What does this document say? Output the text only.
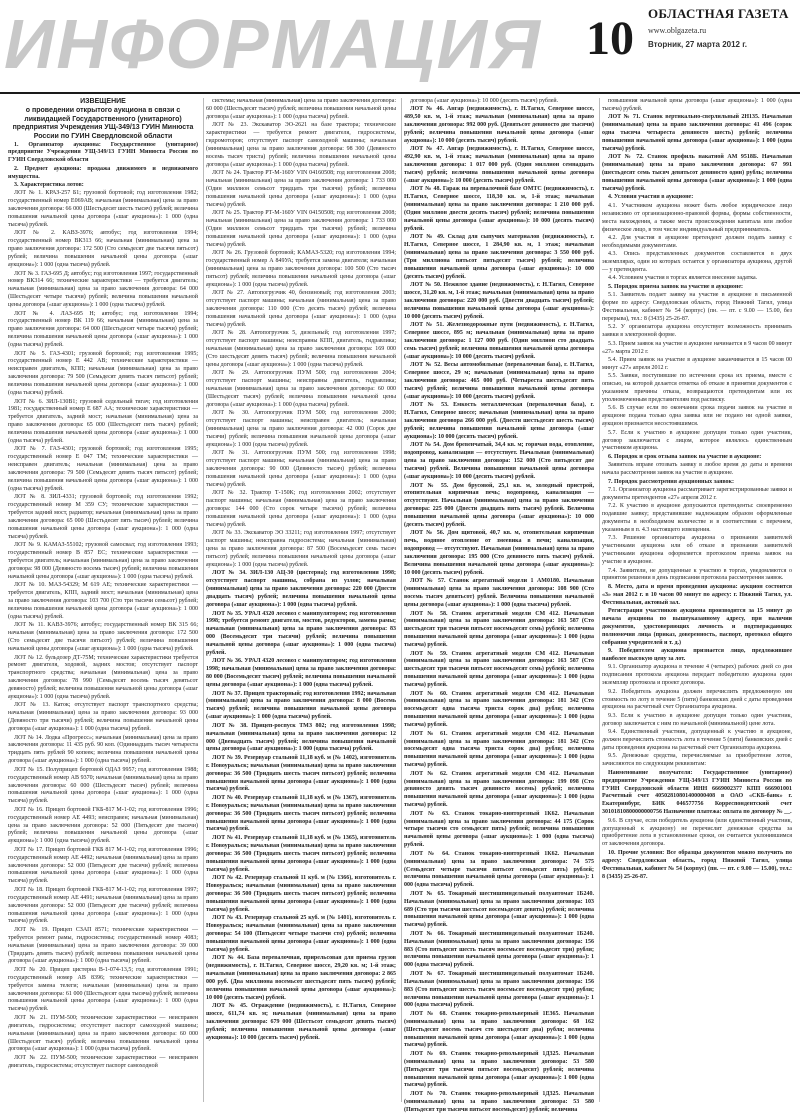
ИНФОРМАЦИЯ 10 ОБЛАСТНАЯ ГАЗЕТА
www.oblgazeta.ru
Вторник, 27 марта 2012 г.

ИЗВЕЩЕНИЕ

о проведении открытого аукциона в связи с ликвидацией Государственного (унитарного) предприятия Учреждения УЩ-349/13 ГУИН Минюста России по ГУИН Свердловской области

1. Организатор аукциона: Государственное (унитарное) предприятие Учреждения УЩ-349/13 ГУИН Минюста России по ГУИН Свердловской области

2. Предмет аукциона: продажа движимого и недвижимого имущества.

3. Характеристика лотов:

ЛОТ № 1. КРАЗ-257 Б1; грузовой бортовой; год изготовления 1982; государственный номер Е069АВ; начальная (минимальная) цена за право заключения договора: 66 000 (Шестьдесят шесть тысяч) рублей; величина повышения начальной цены договора («шаг аукциона»): 1 000 (одна тысяча) рублей.

ЛОТ № 2. КАВЗ-3976; автобус; год изготовления 1994; государственный номер ВК313 66; начальная (минимальная) цена за право заключения договора: 172 500 (Сто семьдесят две тысячи пятьсот) рублей; величина повышения начальной цены договора («шаг аукциона»): 1 000 (одна тысяча) рублей.

ЛОТ № 3. ГАЗ-695 Д; автобус; год изготовления 1997; государственный номер ВК314 66; технические характеристики — требуется двигатель; начальная (минимальная) цена за право заключения договора: 64 000 (Шестьдесят четыре тысячи) рублей; величина повышения начальной цены договора («шаг аукциона»): 1 000 (одна тысяча) рублей.

ЛОТ № 4. ЛАЗ-695 Н; автобус; год изготовления 1994; государственный номер ВК 119 66; начальная (минимальная) цена за право заключения договора: 64 000 (Шестьдесят четыре тысячи) рублей; величина повышения начальной цены договора («шаг аукциона»): 1 000 (одна тысяча) рублей.

ЛОТ № 5. ГАЗ-4301; грузовой бортовой; год изготовления 1995; государственный номер Е 442 АВ; технические характеристики — неисправен двигатель, КПП; начальная (минимальная) цена за право заключения договора: 79 500 (Семьдесят девять тысяч пятьсот) рублей; величина повышения начальной цены договора («шаг аукциона»): 1 000 (одна тысяча) рублей.

ЛОТ № 6. ЗИЛ-130В1; грузовой седельный тягач; год изготовления 1981; государственный номер Е 687 АА; технические характеристики — требуется двигатель, задний мост; начальная (минимальная) цена за право заключения договора: 65 000 (Шестьдесят пять тысяч) рублей; величина повышения начальной цены договора («шаг аукциона»): 1 000 (одна тысяча) рублей.

ЛОТ № 7. ГАЗ-4301; грузовой бортовой; год изготовления 1995; государственный номер Е 047 ТМ; технические характеристики — неисправен двигатель; начальная (минимальная) цена за право заключения договора: 79 500 (Семьдесят девять тысяч пятьсот) рублей; величина повышения начальной цены договора («шаг аукциона»): 1 000 (одна тысяча) рублей.

ЛОТ № 8. ЗИЛ-4331; грузовой бортовой; год изготовления 1992; государственный номер М 359 СУ; технические характеристики — требуется задний мост, радиатор; начальная (минимальная) цена за право заключения договора: 65 000 (Шестьдесят пять тысяч) рублей; величина повышения начальной цены договора («шаг аукциона»): 1 000 (одна тысяча) рублей.

ЛОТ № 9. КАМАЗ-55102; грузовой самосвал; год изготовления 1993; государственный номер В 857 ЕС; технические характеристики — требуется двигатель; начальная (минимальная) цена за право заключения договора: 98 000 (Девяносто восемь тысяч) рублей; величина повышения начальной цены договора («шаг аукциона»): 1 000 (одна тысяча) рублей.

ЛОТ № 10. МАЗ-54329; М 619 АЕ; технические характеристики — требуется двигатель, КПП, задний мост; начальная (минимальная) цена за право заключения договора: 103 700 (Сто три тысячи семьсот) рублей; величина повышения начальной цены договора («шаг аукциона»): 1 000 (одна тысяча) рублей.

ЛОТ № 11. КАВЗ-3976; автобус; государственный номер ВК 315 66; начальная (минимальная) цена за право заключения договора: 172 500 (Сто семьдесят две тысячи пятьсот) рублей; величина повышения начальной цены договора («шаг аукциона»): 1 000 (одна тысяча) рублей.

ЛОТ № 12. бульдозер ДТ-75М; технические характеристики требуется ремонт двигателя, ходовой, задних мостов; отсутствует паспорт транспортного средства; начальная (минимальная) цена за право заключения договора: 78 990 (Семьдесят восемь тысяч девятьсот девяносто) рублей; величина повышения начальной цены договора («шаг аукциона»): 1 000 (одна тысяча) рублей.

ЛОТ № 13. Каток; отсутствует паспорт транспортного средства; начальная (минимальная) цена за право заключения договора: 93 000 (Девяносто три тысячи) рублей; величина повышения начальной цены договора («шаг аукциона»): 1 000 (одна тысяча) рублей.

ЛОТ № 14. Лодка «Прогресс»; начальная (минимальная) цена за право заключения договора: 11 435 руб. 90 коп. (Одиннадцать тысяч четыреста тридцать пять рублей 90 копеек; величина повышения начальной цены договора («шаг аукциона»): 1 000 (одна тысяча) рублей.

ЛОТ № 15. Полуприцеп бортовой ОДАЗ 9957; год изготовления 1988; государственный номер АВ 9370; начальная (минимальная) цена за право заключения договора: 60 000 (Шестьдесят тысяч) рублей; величина повышения начальной цены договора («шаг аукциона»): 1 000 (одна тысяча) рублей.

ЛОТ № 16. Прицеп бортовой ГКБ-817 М-1-02; год изготовления 1996; государственный номер АЕ 4493; неисправен; начальная (минимальная) цена за право заключения договора: 52 000 (Пятьдесят две тысячи) рублей; величина повышения начальной цены договора («шаг аукциона»): 1 000 (одна тысяча) рублей.

ЛОТ № 17. Прицеп бортовой ГКБ 817 М-1-02; год изготовления 1996; государственный номер АЕ 4492; начальная (минимальная) цена за право заключения договора: 52 000 (Пятьдесят две тысячи) рублей; величина повышения начальной цены договора («шаг аукциона»): 1 000 (одна тысяча) рублей.

ЛОТ № 18. Прицеп бортовой ГКБ-817 М-1-02; год изготовления 1997; государственный номер АЕ 4491; начальная (минимальная) цена за право заключения договора: 52 000 (Пятьдесят две тысячи) рублей; величина повышения начальной цены договора («шаг аукциона»): 1 000 (одна тысяча) рублей.

ЛОТ № 19. Прицеп СЗАП 8571; технические характеристики — требуется ремонт рамы, гидросистемы; государственный номер 4083; начальная (минимальная) цена за право заключения договора: 39 000 (Тридцать девять тысяч) рублей; величина повышения начальной цены договора («шаг аукциона»): 1 000 (одна тысяча) рублей.

ЛОТ № 20. Прицеп цистерна В-1-074-13,5; год изготовления 1991; государственный номер АВ 8396; технические характеристики — требуется замена телеги; начальная (минимальная) цена за право заключения договора: 61 000 (Шестьдесят одна тысяча) рублей; величина повышения начальной цены договора («шаг аукциона»): 1 000 (одна тысяча) рублей.

ЛОТ № 21. ПУМ-500; технические характеристики — неисправен двигатель, гидросистема; отсутствует паспорт самоходной машины; начальная (минимальная) цена за право заключения договора: 60 000 (Шестьдесят тысяч) рублей; величина повышения начальной цены договора («шаг аукциона»): 1 000 (одна тысяча) рублей.

ЛОТ № 22. ПУМ-500; технические характеристики — неисправен двигатель, гидросистема; отсутствует паспорт самоходной

системы; начальная (минимальная) цена за право заключения договора: 60 000 (Шестьдесят тысяч) рублей; величина повышения начальной цены договора («шаг аукциона»): 1 000 (одна тысяча) рублей.

ЛОТ № 23. Экскаватор ЭО-2621 на базе трактора; технические характеристики — требуется ремонт двигателя, гидросистемы, гидромоторов; отсутствует паспорт самоходной машины; начальная (минимальная) цена за право заключения договора: 98 300 (Девяносто восемь тысяч триста) рублей; величина повышения начальной цены договора («шаг аукциона»): 1 000 (одна тысяча) рублей.

ЛОТ № 24. Трактор РТ-М-160У VIN 04160508; год изготовления 2008; начальная (минимальная) цена за право заключения договора: 1 733 000 (Один миллион семьсот тридцать три тысячи) рублей; величина повышения начальной цены договора («шаг аукциона»): 1 000 (одна тысяча) рублей.

ЛОТ № 25. Трактор РТ-М-160У VIN 04150508; год изготовления 2008; начальная (минимальная) цена за право заключения договора: 1 733 000 (Один миллион семьсот тридцать три тысячи) рублей; величина повышения начальной цены договора («шаг аукциона»): 1 000 (одна тысяча) рублей.

ЛОТ № 26. Грузовой бортовой; КАМАЗ-5320; год изготовления 1994; государственный номер А 849УА; требуется замена двигателя; начальная (минимальная) цена за право заключения договора: 100 500 (Сто тысяч пятьсот) рублей; величина повышения начальной цены договора («шаг аукциона»): 1 000 (одна тысяча) рублей.

ЛОТ № 27. Автопогрузчик 40, бензиновый; год изготовления 2003; отсутствует паспорт машины; начальная (минимальная) цена за право заключения договора: 110 000 (Сто десять тысяч) рублей; величина повышения начальной цены договора («шаг аукциона»): 1 000 (одна тысяча) рублей.

ЛОТ № 28. Автопогрузчик 5, дизельный; год изготовления 1997; отсутствует паспорт машины; неисправны КПП, двигатель, гидравлика; начальная (минимальная) цена за право заключения договора: 169 000 (Сто шестьдесят девять тысяч) рублей; величина повышения начальной цены договора («шаг аукциона»): 1 000 (одна тысяча) рублей.

ЛОТ № 29. Автопогрузчик ПУМ 500; год изготовления 2004; отсутствует паспорт машины; неисправны двигатель, гидравлика; начальная (минимальная) цена за право заключения договора: 60 000 (Шестьдесят тысяч) рублей; величина повышения начальной цены договора («шаг аукциона»): 1 000 (одна тысяча) рублей.

ЛОТ № 30. Автопогрузчик ПУМ 500; год изготовления 2000; отсутствует паспорт машины; неисправен двигатель; начальная (минимальная) цена за право заключения договора: 42 000 (Сорок две тысячи) рублей; величина повышения начальной цены договора («шаг аукциона»): 1 000 (одна тысяча) рублей.

ЛОТ № 31. Автопогрузчик ПУМ 500; год изготовления 1998; отсутствует паспорт машины; начальная (минимальная) цена за право заключения договора: 90 000 (Девяносто тысяч) рублей; величина повышения начальной цены договора («шаг аукциона»): 1 000 (одна тысяча) рублей.

ЛОТ № 32. Трактор Т-150К; год изготовления 2002; отсутствует паспорт машины; начальная (минимальная) цена за право заключения договора: 144 000 (Сто сорок четыре тысячи) рублей; величина повышения начальной цены договора («шаг аукциона»): 1 000 (одна тысяча) рублей.

ЛОТ № 33. Экскаватор ЭО 33211; год изготовления 1997; отсутствует паспорт машины; неисправна гидросистема; начальная (минимальная) цена за право заключения договора: 87 500 (Восемьдесят семь тысяч пятьсот) рублей; величина повышения начальной цены договора («шаг аукциона»): 1 000 (одна тысяча) рублей.

ЛОТ № 34. ЗИЛ-130 АЦ-30 (цистерна); год изготовления 1998; отсутствует паспорт машины, собрана из узлов; начальная (минимальная) цена за право заключения договора: 220 000 (Двести двадцать тысяч) рублей; величина повышения начальной цены договора («шаг аукциона»): 1 000 (одна тысяча) рублей.

ЛОТ № 35. УРАЛ 4320 лесовоз с манипулятором; год изготовления 1998; требуется ремонт двигателя, мостов, редукторов, замена рамы; начальная (минимальная) цена за право заключения договора: 83 000 (Восемьдесят три тысячи) рублей; величина повышения начальной цены договора («шаг аукциона»): 1 000 (одна тысяча) рублей.

ЛОТ № 36. УРАЛ 4320 лесовоз с манипулятором; год изготовления 1998; начальная (минимальная) цена за право заключения договора: 80 000 (Восемьдесят тысяч) рублей; величина повышения начальной цены договора («шаг аукциона»): 1 000 (одна тысяча) рублей.

ЛОТ № 37. Прицеп тракторный; год изготовления 1992; начальная (минимальная) цена за право заключения договора: 8 000 (Восемь тысяч) рублей; величина повышения начальной цены договора («шаг аукциона»): 1 000 (одна тысяча) рублей.

ЛОТ № 38. Прицеп-роспуск ТМЗ 802; год изготовления 1998; начальная (минимальная) цена за право заключения договора: 12 000 (Двенадцать тысяч) рублей; величина повышения начальной цены договора («шаг аукциона»): 1 000 (одна тысяча) рублей.

ЛОТ № 39. Резервуар стальной 11,18 куб. м (№ 1402), изготовитель г. Новоуральск; начальная (минимальная) цена за право заключения договора: 36 500 (Тридцать шесть тысяч пятьсот) рублей; величина повышения начальной цены договора («шаг аукциона»): 1 000 (одна тысяча) рублей.

ЛОТ № 40. Резервуар стальной 11,18 куб. м (№ 1367), изготовитель г. Новоуральск; начальная (минимальная) цена за право заключения договора: 36 500 (Тридцать шесть тысяч пятьсот) рублей; величина повышения начальной цены договора («шаг аукциона»): 1 000 (одна тысяча) рублей.

ЛОТ № 41. Резервуар стальной 11,18 куб. м (№ 1365), изготовитель г. Новоуральск; начальная (минимальная) цена за право заключения договора: 36 500 (Тридцать шесть тысяч пятьсот) рублей; величина повышения начальной цены договора («шаг аукциона»): 1 000 (одна тысяча) рублей.

ЛОТ № 42. Резервуар стальной 11 куб. м (№ 1366), изготовитель г. Новоуральск; начальная (минимальная) цена за право заключения договора: 36 500 (Тридцать шесть тысяч пятьсот) рублей; величина повышения начальной цены договора («шаг аукциона»): 1 000 (одна тысяча) рублей.

ЛОТ № 43. Резервуар стальной 25 куб. м (№ 1401), изготовитель г. Новоуральск; начальная (минимальная) цена за право заключения договора: 54 100 (Пятьдесят четыре тысячи сто) рублей; величина повышения начальной цены договора («шаг аукциона»): 1 000 (одна тысяча) рублей.

ЛОТ № 44. База перевалочная, прирельсовая для приема грузов (недвижимость), г. Н.Тагил, Северное шоссе, 29,20 кв. м; 1-й этаж; начальная (минимальная) цена за право заключения договора: 2 865 000 руб. (Два миллиона восемьсот шестьдесят пять тысяч) рублей; величина повышения начальной цены договора («шаг аукциона»): 10 000 (десять тысяч) рублей.

ЛОТ № 45. Ограждение (недвижимость), г. Н.Тагил, Северное шоссе, 611,74 кв. м; начальная (минимальная) цена за право заключения договора: 679 000 (Шестьсот семьдесят девять тысяч) рублей; величина повышения начальной цены договора («шаг аукциона»): 10 000 (десять тысяч) рублей.

договора («шаг аукциона»): 10 000 (десять тысяч) рублей.

ЛОТ № 46. Ангар (недвижимость), г. Н.Тагил, Северное шоссе, 489,50 кв. м, 1-й этаж; начальная (минимальная) цена за право заключения договора: 992 000 руб. (Девятьсот девяносто две тысячи) рублей; величина повышения начальной цены договора («шаг аукциона»): 10 000 (десять тысяч) рублей.

ЛОТ № 47. Ангар (недвижимость), г. Н.Тагил, Северное шоссе, 492,90 кв. м, 1-й этаж; начальная (минимальная) цена за право заключения договора: 1 017 000 руб. (Один миллион семнадцать тысяч) рублей; величина повышения начальной цены договора («шаг аукциона»): 10 000 (десять тысяч) рублей.

ЛОТ № 48. Гараж на перевалочной базе ОМТС (недвижимость), г. Н.Тагил, Северное шоссе, 118,30 кв. м, 1-й этаж; начальная (минимальная) цена за право заключения договора: 1 210 000 руб. (Один миллион двести десять тысяч) рублей; величина повышения начальной цены договора («шаг аукциона»): 10 000 (десять тысяч) рублей.

ЛОТ № 49. Склад для сыпучих материалов (недвижимость), г. Н.Тагил, Северное шоссе, 1 284,90 кв. м, 1 этаж; начальная (минимальная) цена за право заключения договора: 3 550 000 руб. (Три миллиона пятьсот пятьдесят тысяч) рублей; величина повышения начальной цены договора («шаг аукциона»): 10 000 (десять тысяч) рублей.

ЛОТ № 50. Нежилое здание (недвижимость), г. Н.Тагил, Северное шоссе, 31,20 кв. м, 1-й этаж; начальная (минимальная) цена за право заключения договора: 220 000 руб. (Двести двадцать тысяч) рублей; величина повышения начальной цены договора («шаг аукциона»): 10 000 (десять тысяч) рублей.

ЛОТ № 51. Железнодорожные пути (недвижимость), г. Н.Тагил, Северное шоссе, 895 м; начальная (минимальная) цена за право заключения договора: 1 127 000 руб. (Один миллион сто двадцать семь тысяч) рублей; величина повышения начальной цены договора («шаг аукциона»): 10 000 (десять тысяч) рублей.

ЛОТ № 52. Весы автомобильные (перевалочная база), г. Н.Тагил, Северное шоссе, 29 м; начальная (минимальная) цена за право заключения договора: 465 000 руб. (Четыреста шестьдесят пять тысяч) рублей; величина повышения начальной цены договора («шаг аукциона»): 10 000 (десять тысяч) рублей.

ЛОТ № 53. Емкость металлическая (перевалочная база), г. Н.Тагил, Северное шоссе; начальная (минимальная) цена за право заключения договора 266 000 руб. (Двести шестьдесят шесть тысяч) рублей; величина повышения начальной цены договора («шаг аукциона»): 10 000 (десять тысяч) рублей.

ЛОТ № 54. Дом бревенчатый, 34,4 кв. м; горячая вода, отопление, водопровод, канализация — отсутствует. Начальная (минимальная) цена за право заключения договора: 152 000 (Сто пятьдесят две тысячи) рублей. Величина повышения начальной цены договора («шаг аукциона»): 10 000 (десять тысяч) рублей.

ЛОТ № 55. Дом брусовой, 25,1 кв. м, холодный пристрой, отопительная кирпичная печь; водопровод, канализация — отсутствуют. Начальная (минимальная) цена за право заключения договора: 225 000 (Двести двадцать пять тысяч) рублей. Величина повышения начальной цены договора («шаг аукциона»): 10 000 (десять тысяч) рублей.

ЛОТ № 56. Дом щитовой, 40,7 кв. м, отопительная кирпичная печь, водяное отопление от змеевика в печи; канализация, водопровод — отсутствуют. Начальная (минимальная) цена за право заключения договора: 195 000 (Сто девяносто пять тысяч) рублей. Величина повышения начальной цены договора («шаг аукциона»): 10 000 (десять тысяч) рублей.

ЛОТ № 57. Станок агрегатный модели 1 АМ0180. Начальная (минимальная) цена за право заключения договора: 108 900 (Сто восемь тысяч девятьсот) рублей. Величина повышения начальной цены договора («шаг аукциона»): 1 000 (одна тысяча) рублей.

ЛОТ № 58. Станок агрегатный модели СМ 412. Начальная (минимальная) цена за право заключения договора: 163 587 (Сто шестьдесят три тысячи пятьсот восемьдесят семь) рублей; величина повышения начальной цены договора («шаг аукциона»): 1 000 (одна тысяча) рублей.

ЛОТ № 59. Станок агрегатный модели СМ 412. Начальная (минимальная) цена за право заключения договора: 163 587 (Сто шестьдесят три тысячи пятьсот восемьдесят семь) рублей; величина повышения начальной цены договора («шаг аукциона»): 1 000 (одна тысяча) рублей.

ЛОТ № 60. Станок агрегатный модели СМ 412. Начальная (минимальная) цена за право заключения договора: 181 342 (Сто восемьдесят одна тысяча триста сорок два) рубля; величина повышения начальной цены договора («шаг аукциона»): 1 000 (одна тысяча) рублей.

ЛОТ № 61. Станок агрегатный модели СМ 412. Начальная (минимальная) цена за право заключения договора: 181 342 (Сто восемьдесят одна тысяча триста сорок два) рубля; величина повышения начальной цены договора («шаг аукциона»): 1 000 (одна тысяча) рублей.

ЛОТ № 62. Станок агрегатный модели СМ 412. Начальная (минимальная) цена за право заключения договора: 199 098 (Сто девяносто девять тысяч девяносто восемь) рублей; величина повышения начальной цены договора («шаг аукциона»): 1 000 (одна тысяча) рублей.

ЛОТ № 63. Станок токарно-винторезный 1К62. Начальная (минимальная) цена за право заключения договора: 44 175 (Сорок четыре тысячи сто семьдесят пять) рублей; величина повышения начальной цены договора («шаг аукциона»): 1 000 (одна тысяча) рублей.

ЛОТ № 64. Станок токарно-винторезный 1К62. Начальная (минимальная) цена за право заключения договора: 74 575 (Семьдесят четыре тысячи пятьсот семьдесят пять) рублей; величина повышения начальной цены договора («шаг аукциона»): 1 000 (одна тысяча) рублей.

ЛОТ № 65. Токарный шестишпиндельный полуавтомат 1Б240. Начальная (минимальная) цена за право заключения договора: 103 689 (Сто три тысячи шестьсот восемьдесят девять) рублей; величина повышения начальной цены договора («шаг аукциона»): 1 000 (одна тысяча) рублей.

ЛОТ № 66. Токарный шестишпиндельный полуавтомат 1Б240. Начальная (минимальная) цена за право заключения договора: 156 883 (Сто пятьдесят шесть тысяч восемьсот восемьдесят три) рубля; величина повышения начальной цены договора («шаг аукциона»): 1 000 (одна тысяча) рублей.

ЛОТ № 67. Токарный шестишпиндельный полуавтомат 1Б240. Начальная (минимальная) цена за право заключения договора: 156 883 (Сто пятьдесят шесть тысяч восемьсот восемьдесят три) рубля; величина повышения начальной цены договора («шаг аукциона»): 1 000 (одна тысяча) рублей.

ЛОТ № 68. Станок токарно-револьверный 1Е365. Начальная (минимальная) цена за право заключения договора: 68 162 (Шестьдесят восемь тысяч сто шестьдесят два) рубля; величина повышения начальной цены договора («шаг аукциона»): 1 000 (одна тысяча) рублей.

ЛОТ № 69. Станок токарно-револьверный 1Д325. Начальная (минимальная) цена за право заключения договора: 53 580 (Пятьдесят три тысячи пятьсот восемьдесят) рублей; величина повышения начальной цены договора («шаг аукциона»): 1 000 (одна тысяча) рублей.

ЛОТ № 70. Станок токарно-револьверный 1Д325. Начальная (минимальная) цена за право заключения договора: 53 580 (Пятьдесят три тысячи пятьсот восемьдесят) рублей; величина

повышения начальной цены договора («шаг аукциона»): 1 000 (одна тысяча) рублей.

ЛОТ № 71. Станок вертикально-сверлильный 2Н135. Начальная (минимальная) цена за право заключения договора: 41 496 (сорок одна тысяча четыреста девяносто шесть) рублей; величина повышения начальной цены договора («шаг аукциона»): 1 000 (одна тысяча) рублей.

ЛОТ № 72. Станок профиль накатной АМ 9518Б. Начальная (минимальная) цена за право заключения договора: 67 991 (шестьдесят семь тысяч девятьсот девяносто один) рубль; величина повышения начальной цены договора («шаг аукциона»): 1 000 (одна тысяча) рублей.

4. Условия участия в аукционе:

4.1. Участником аукциона может быть любое юридическое лицо независимо от организационно-правовой формы, формы собственности, места нахождения, а также места происхождения капитала или любое физическое лицо, в том числе индивидуальный предприниматель.

4.2. Для участия в аукционе претендент должен подать заявку с необходимыми документами.

4.3. Опись представленных документов составляется в двух экземплярах, один из которых остается у организатора аукциона, другой — у претендента.

4.4. Условием участия в торгах является внесение задатка.

5. Порядок приема заявок на участие в аукционе:

5.1. Заявитель подает заявку на участие в аукционе в письменной форме по адресу: Свердловская область, город Нижний Тагил, улица Фестивальная, кабинет № 54 (корпус) (пн. — пт. с 9.00 — 15.00, без перерыва), тел.: 8 (3435) 25-26-87.

5.2. У организатора аукциона отсутствует возможность принимать заявки в электронной форме.

5.3. Прием заявок на участие в аукционе начинается в 9 часов 00 минут «27» марта 2012 г.

5.4. Прием заявок на участие в аукционе заканчивается в 15 часов 00 минут «27» апреля 2012 г.

5.5. Заявки, поступившие по истечении срока их приема, вместе с описью, на которой делается отметка об отказе в принятии документов с указанием причины отказа, возвращаются претендентам или их уполномоченным представителям под расписку.

5.6. В случае если по окончании срока подачи заявок на участие в аукционе подана только одна заявка или не подано ни одной заявки, аукцион признается несостоявшимся.

5.7. Если к участию в аукционе допущен только один участник, договор заключается с лицом, которое являлось единственным участником аукциона.

6. Порядок и срок отзыва заявок на участие в аукционе:

Заявитель вправе отозвать заявку в любое время до даты и времени начала рассмотрения заявок на участие в аукционе.

7. Порядок рассмотрения аукционных заявок:

7.1. Организатор аукциона рассматривает зарегистрированные заявки и документы претендентов «27» апреля 2012 г.

7.2. К участию в аукционе допускаются претенденты: своевременно подавшие заявку; представившие надлежащим образом оформленные документы в необходимом количестве и в соответствии с перечнем, указанным в п. 4.3 настоящего извещения.

7.3. Решение организатора аукциона о признании заявителей участниками аукциона или об отказе в признании заявителей участниками аукциона оформляется протоколом приема заявок на участие в аукционе.

7.4. Заявители, не допущенные к участию в торгах, уведомляются о принятом решении в день подписания протокола рассмотрения заявок.

8. Место, дата и время проведения аукциона: аукцион состоится «3» мая 2012 г. в 10 часов 00 минут по адресу: г. Нижний Тагил, ул. Фестивальная, актовый зал.

Регистрация участников аукциона производится за 15 минут до начала аукциона по вышеуказанному адресу, при наличии документов, удостоверяющих личность и подтверждающих полномочия лица (приказ, доверенность, паспорт, протокол общего собрания учредителей и т. д.)

9. Победителем аукциона признается лицо, предложившее наиболее высокую цену за лот.

9.1. Организатор аукциона в течение 4 (четырех) рабочих дней со дня подписания протокола аукциона передает победителю аукциона один экземпляр протокола и проект договора.

9.2. Победитель аукциона должен перечислить предложенную им стоимость по лоту в течение 5 (пяти) банковских дней с даты проведения аукциона на расчетный счет Организатора аукциона.

9.3. Если к участию в аукционе допущен только один участник, договор заключается с ним по начальной (минимальной) цене лота.

9.4. Единственный участник, допущенный к участию в аукционе, должен перечислить стоимость лота в течение 5 (пяти) банковских дней с даты проведения аукциона на расчетный счет Организатора аукциона.

9.5. Денежные средства, перечисляемые за приобретение лотов, зачисляются по следующим реквизитам:

Наименование получателя: Государственное (унитарное) предприятие Учреждения УЩ-349/13 ГУИН Минюста России по ГУИН Свердловской области ИНН 6669002377 КПП 666901001 Расчетный счет 40502810801400000408 в ОАО «СКБ-банк» г. Екатеринбург, БИК 046577756 Корреспондентский счет 30101810800000000756 Назначение платежа: оплата по договору № __.

9.6. В случае, если победитель аукциона (или единственный участник, допущенный к аукциону) не перечислит денежные средства за приобретение лота в установленные сроки, он считается уклонившимся от заключения договора.

10. Прочие условия: Все образцы документов можно получить по адресу: Свердловская область, город Нижний Тагил, улица Фестивальная, кабинет № 54 (корпус) (пн. — пт. с 9.00 — 15.00), тел.: 8 (3435) 25-26-87.
